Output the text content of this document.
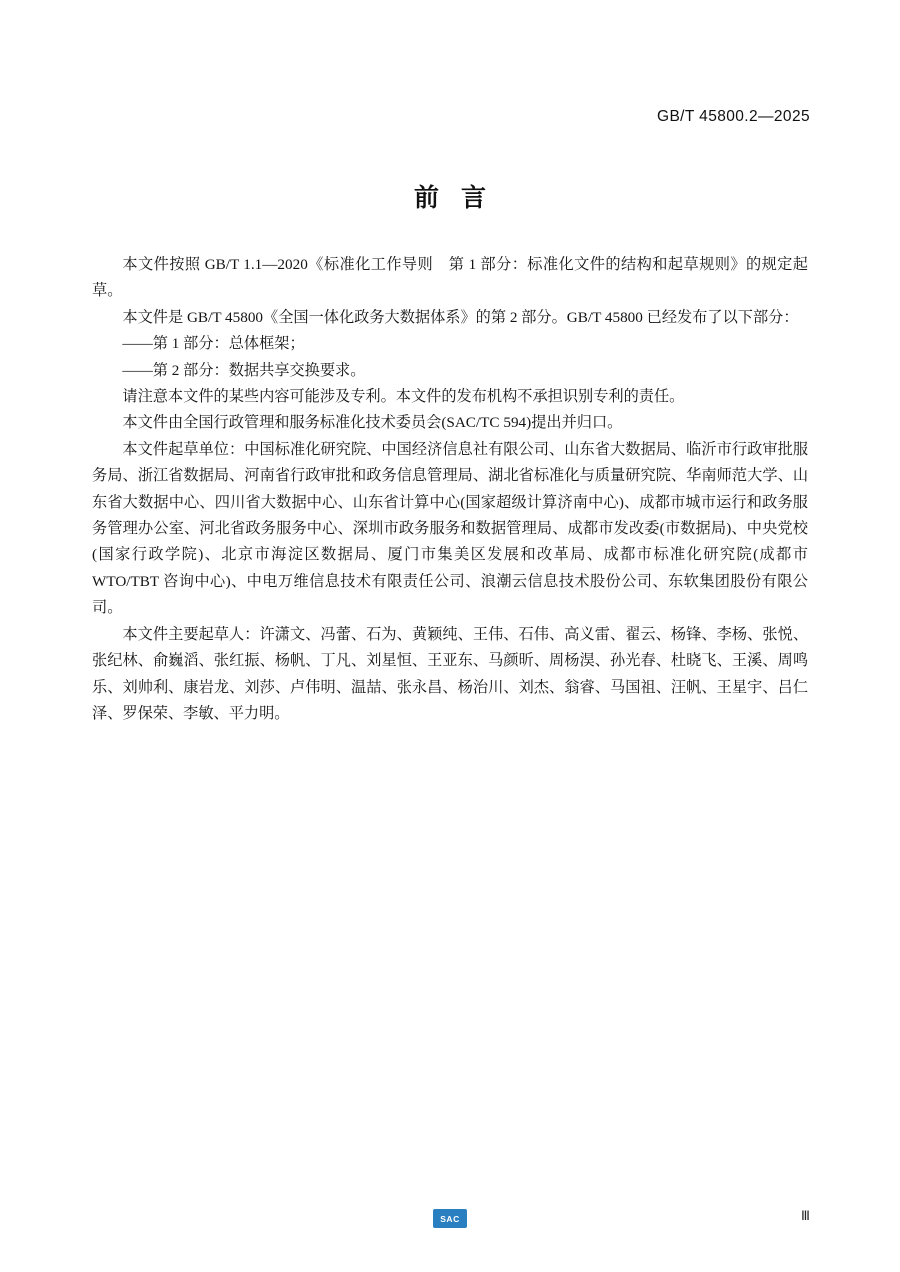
GB/T 45800.2—2025
前言

本文件按照 GB/T 1.1—2020《标准化工作导则　第 1 部分：标准化文件的结构和起草规则》的规定起草。

本文件是 GB/T 45800《全国一体化政务大数据体系》的第 2 部分。GB/T 45800 已经发布了以下部分：

——第 1 部分：总体框架；

——第 2 部分：数据共享交换要求。

请注意本文件的某些内容可能涉及专利。本文件的发布机构不承担识别专利的责任。

本文件由全国行政管理和服务标准化技术委员会(SAC/TC 594)提出并归口。

本文件起草单位：中国标准化研究院、中国经济信息社有限公司、山东省大数据局、临沂市行政审批服务局、浙江省数据局、河南省行政审批和政务信息管理局、湖北省标准化与质量研究院、华南师范大学、山东省大数据中心、四川省大数据中心、山东省计算中心(国家超级计算济南中心)、成都市城市运行和政务服务管理办公室、河北省政务服务中心、深圳市政务服务和数据管理局、成都市发改委(市数据局)、中央党校(国家行政学院)、北京市海淀区数据局、厦门市集美区发展和改革局、成都市标准化研究院(成都市 WTO/TBT 咨询中心)、中电万维信息技术有限责任公司、浪潮云信息技术股份公司、东软集团股份有限公司。

本文件主要起草人：许潇文、冯蕾、石为、黄颖纯、王伟、石伟、高义雷、翟云、杨锋、李杨、张悦、张纪林、俞巍滔、张红振、杨帆、丁凡、刘星恒、王亚东、马颜昕、周杨淏、孙光春、杜晓飞、王溪、周鸣乐、刘帅利、康岩龙、刘莎、卢伟明、温喆、张永昌、杨治川、刘杰、翁睿、马国祖、汪帆、王星宇、吕仁泽、罗保荣、李敏、平力明。

SAC	Ⅲ
